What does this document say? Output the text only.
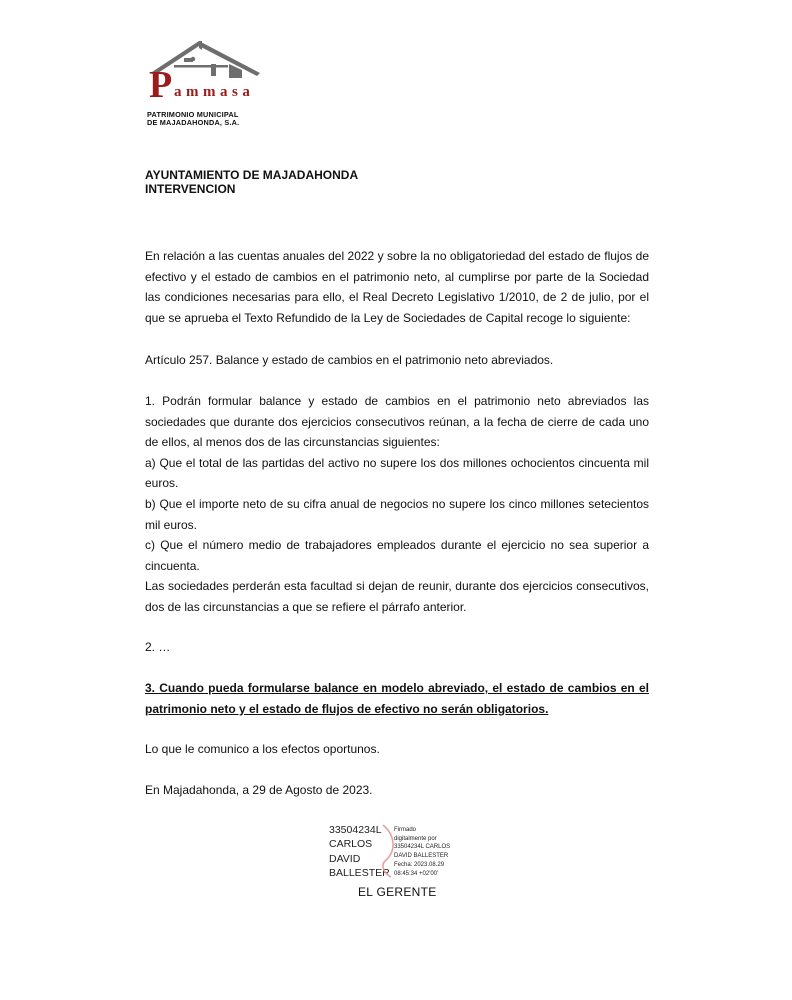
P ammasa
PATRIMONIO MUNICIPAL
DE MAJADAHONDA, S.A.
AYUNTAMIENTO DE MAJADAHONDA
INTERVENCION

En relación a las cuentas anuales del 2022 y sobre la no obligatoriedad del estado de flujos de efectivo y el estado de cambios en el patrimonio neto, al cumplirse por parte de la Sociedad las condiciones necesarias para ello, el Real Decreto Legislativo 1/2010, de 2 de julio, por el que se aprueba el Texto Refundido de la Ley de Sociedades de Capital recoge lo siguiente:

Artículo 257. Balance y estado de cambios en el patrimonio neto abreviados.

1. Podrán formular balance y estado de cambios en el patrimonio neto abreviados las sociedades que durante dos ejercicios consecutivos reúnan, a la fecha de cierre de cada uno de ellos, al menos dos de las circunstancias siguientes:

a) Que el total de las partidas del activo no supere los dos millones ochocientos cincuenta mil euros.

b) Que el importe neto de su cifra anual de negocios no supere los cinco millones setecientos mil euros.

c) Que el número medio de trabajadores empleados durante el ejercicio no sea superior a cincuenta.

Las sociedades perderán esta facultad si dejan de reunir, durante dos ejercicios consecutivos, dos de las circunstancias a que se refiere el párrafo anterior.

2. …

3. Cuando pueda formularse balance en modelo abreviado, el estado de cambios en el patrimonio neto y el estado de flujos de efectivo no serán obligatorios.

Lo que le comunico a los efectos oportunos.

En Majadahonda, a 29 de Agosto de 2023.

33504234L
CARLOS
DAVID
BALLESTER
Firmado
digitalmente por
33504234L CARLOS
DAVID BALLESTER
Fecha: 2023.08.29
08:45:34 +02'00'
EL GERENTE
